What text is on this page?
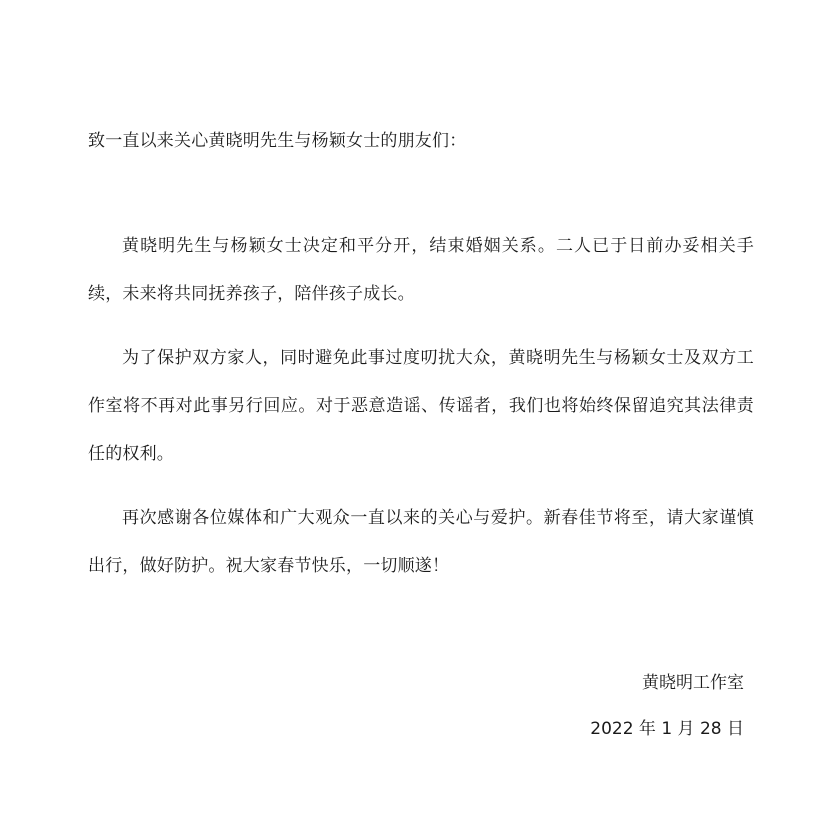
致一直以来关心黄晓明先生与杨颖女士的朋友们：

黄晓明先生与杨颖女士决定和平分开，结束婚姻关系。二人已于日前办妥相关手续，未来将共同抚养孩子，陪伴孩子成长。

为了保护双方家人，同时避免此事过度叨扰大众，黄晓明先生与杨颖女士及双方工作室将不再对此事另行回应。对于恶意造谣、传谣者，我们也将始终保留追究其法律责任的权利。

再次感谢各位媒体和广大观众一直以来的关心与爱护。新春佳节将至，请大家谨慎出行，做好防护。祝大家春节快乐，一切顺遂！

黄晓明工作室
2022 年 1 月 28 日
